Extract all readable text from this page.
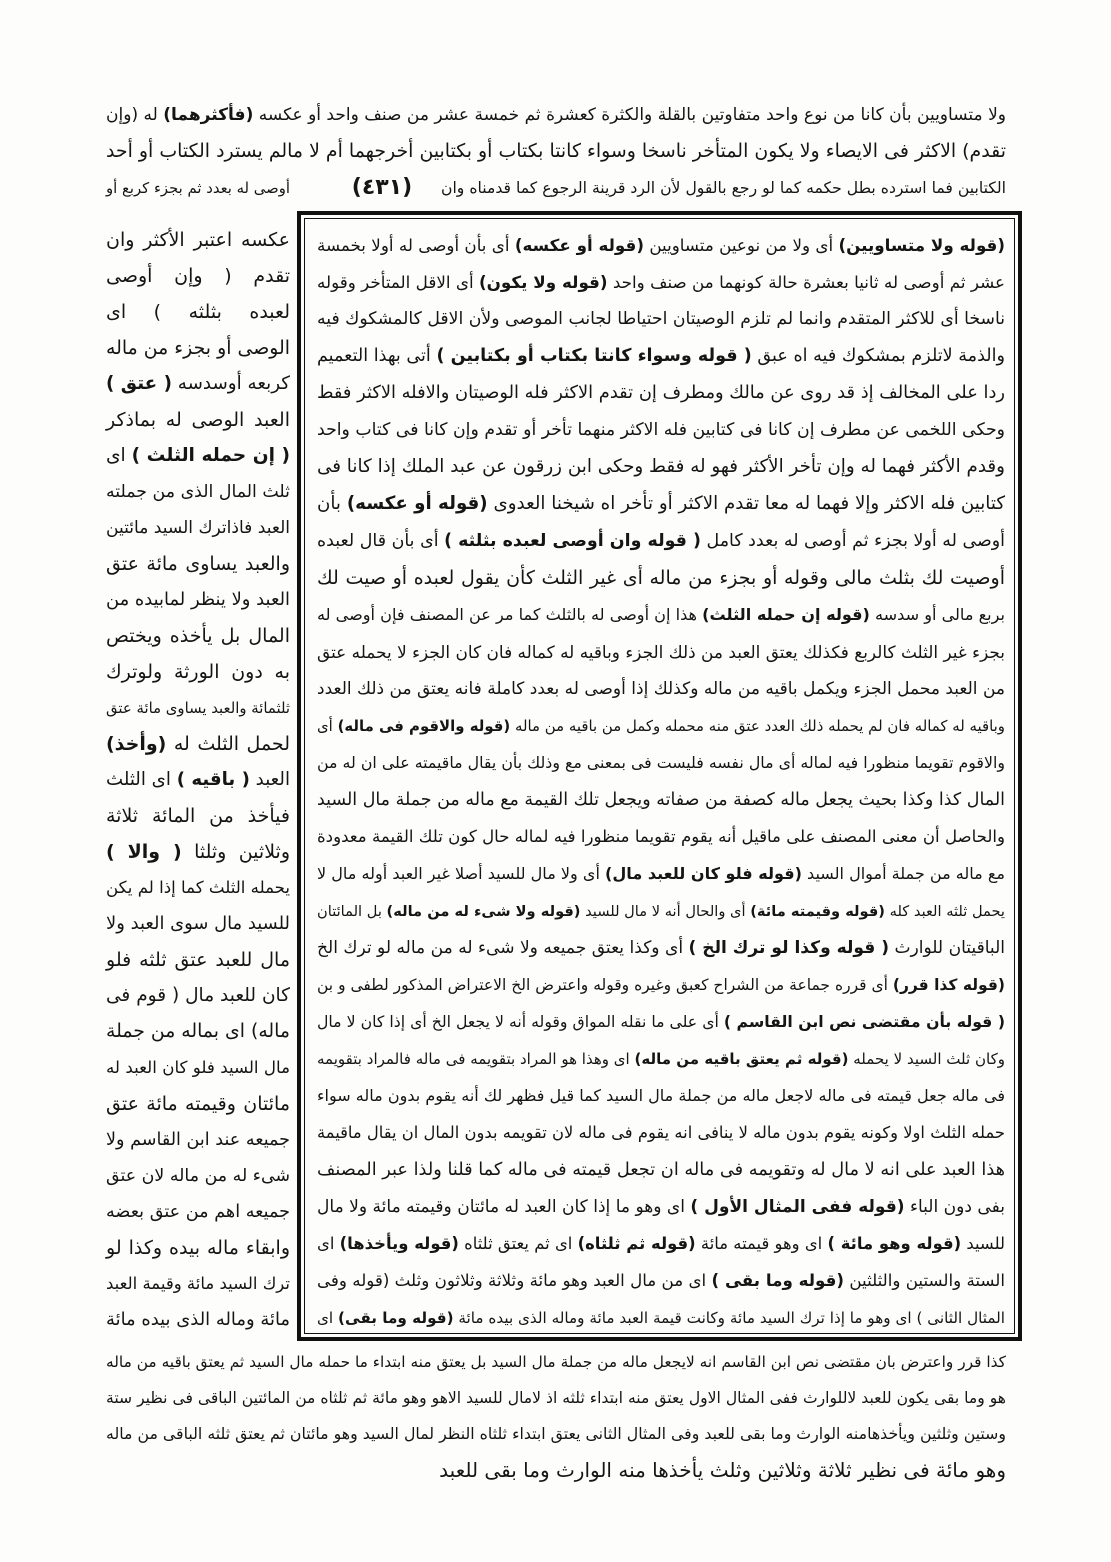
ولا متساويين بأن كانا من نوع واحد متفاوتين بالقلة والكثرة كعشرة ثم خمسة عشر من صنف واحد أو عكسه (فأكثرهما) له (وإن
تقدم) الاكثر فى الايصاء ولا يكون المتأخر ناسخا وسواء كانتا بكتاب أو بكتابين أخرجهما أم لا مالم يسترد الكتاب أو أحد
الكتابين فما استرده بطل حكمه كما لو رجع بالقول لأن الرد قرينة الرجوع كما قدمناه وان
(٤٣١)
أوصى له بعدد ثم بجزء كربع أو
عكسه اعتبر الأكثر وان
تقدم ( وإن أوصى
لعبده بثلثه ) اى
الوصى أو بجزء من ماله
كربعه أوسدسه ( عتق )
العبد الوصى له بماذكر
( إن حمله الثلث ) اى
ثلث المال الذى من جملته
العبد فاذاترك السيد مائتين
والعبد يساوى مائة عتق
العبد ولا ينظر لمابيده من
المال بل يأخذه ويختص
به دون الورثة ولوترك
ثلثمائة والعبد يساوى مائة عتق
لحمل الثلث له (وأخذ)
العبد ( باقيه ) اى الثلث
فيأخذ من المائة ثلاثة
وثلاثين وثلثا ( والا )
يحمله الثلث كما إذا لم يكن
للسيد مال سوى العبد ولا
مال للعبد عتق ثلثه فلو
كان للعبد مال ( قوم فى
ماله) اى بماله من جملة
مال السيد فلو كان العبد له
مائتان وقيمته مائة عتق
جميعه عند ابن القاسم ولا
شىء له من ماله لان عتق
جميعه اهم من عتق بعضه
وابقاء ماله بيده وكذا لو
ترك السيد مائة وقيمة العبد
مائة وماله الذى بيده مائة
(قوله ولا متساويين) أى ولا من نوعين متساويين (قوله أو عكسه) أى بأن أوصى له أولا بخمسة
عشر ثم أوصى له ثانيا بعشرة حالة كونهما من صنف واحد (قوله ولا يكون) أى الاقل المتأخر وقوله
ناسخا أى للاكثر المتقدم وانما لم تلزم الوصيتان احتياطا لجانب الموصى ولأن الاقل كالمشكوك فيه
والذمة لاتلزم بمشكوك فيه اه عبق ( قوله وسواء كانتا بكتاب أو بكتابين ) أتى بهذا التعميم
ردا على المخالف إذ قد روى عن مالك ومطرف إن تقدم الاكثر فله الوصيتان والافله الاكثر فقط
وحكى اللخمى عن مطرف إن كانا فى كتابين فله الاكثر منهما تأخر أو تقدم وإن كانا فى كتاب واحد
وقدم الأكثر فهما له وإن تأخر الأكثر فهو له فقط وحكى ابن زرقون عن عبد الملك إذا كانا فى
كتابين فله الاكثر وإلا فهما له معا تقدم الاكثر أو تأخر اه شيخنا العدوى (قوله أو عكسه) بأن
أوصى له أولا بجزء ثم أوصى له بعدد كامل ( قوله وان أوصى لعبده بثلثه ) أى بأن قال لعبده
أوصيت لك بثلث مالى وقوله أو بجزء من ماله أى غير الثلث كأن يقول لعبده أو صيت لك
بربع مالى أو سدسه (قوله إن حمله الثلث) هذا إن أوصى له بالثلث كما مر عن المصنف فإن أوصى له
بجزء غير الثلث كالربع فكذلك يعتق العبد من ذلك الجزء وباقيه له كماله فان كان الجزء لا يحمله عتق
من العبد محمل الجزء ويكمل باقيه من ماله وكذلك إذا أوصى له بعدد كاملة فانه يعتق من ذلك العدد
وباقيه له كماله فان لم يحمله ذلك العدد عتق منه محمله وكمل من باقيه من ماله (قوله والاقوم فى ماله) أى
والاقوم تقويما منظورا فيه لماله أى مال نفسه فليست فى بمعنى مع وذلك بأن يقال ماقيمته على ان له من
المال كذا وكذا بحيث يجعل ماله كصفة من صفاته ويجعل تلك القيمة مع ماله من جملة مال السيد
والحاصل أن معنى المصنف على ماقيل أنه يقوم تقويما منظورا فيه لماله حال كون تلك القيمة معدودة
مع ماله من جملة أموال السيد (قوله فلو كان للعبد مال) أى ولا مال للسيد أصلا غير العبد أوله مال لا
يحمل ثلثه العبد كله (قوله وقيمته مائة) أى والحال أنه لا مال للسيد (قوله ولا شىء له من ماله) بل المائتان
الباقيتان للوارث ( قوله وكذا لو ترك الخ ) أى وكذا يعتق جميعه ولا شىء له من ماله لو ترك الخ
(قوله كذا قرر) أى قرره جماعة من الشراح كعبق وغيره وقوله واعترض الخ الاعتراض المذكور لطفى و بن
( قوله بأن مقتضى نص ابن القاسم ) أى على ما نقله المواق وقوله أنه لا يجعل الخ أى إذا كان لا مال
وكان ثلث السيد لا يحمله (قوله ثم يعتق باقيه من ماله) اى وهذا هو المراد بتقويمه فى ماله فالمراد بتقويمه
فى ماله جعل قيمته فى ماله لاجعل ماله من جملة مال السيد كما قيل فظهر لك أنه يقوم بدون ماله سواء
حمله الثلث اولا وكونه يقوم بدون ماله لا ينافى انه يقوم فى ماله لان تقويمه بدون المال ان يقال ماقيمة
هذا العبد على انه لا مال له وتقويمه فى ماله ان تجعل قيمته فى ماله كما قلنا ولذا عبر المصنف
بفى دون الباء (قوله ففى المثال الأول ) اى وهو ما إذا كان العبد له مائتان وقيمته مائة ولا مال
للسيد (قوله وهو مائة ) اى وهو قيمته مائة (قوله ثم ثلثاه) اى ثم يعتق ثلثاه (قوله ويأخذها) اى
الستة والستين والثلثين (قوله وما بقى ) اى من مال العبد وهو مائة وثلاثة وثلاثون وثلث (قوله وفى
المثال الثانى ) اى وهو ما إذا ترك السيد مائة وكانت قيمة العبد مائة وماله الذى بيده مائة (قوله وما بقى) اى
كذا قرر واعترض بان مقتضى نص ابن القاسم انه لايجعل ماله من جملة مال السيد بل يعتق منه ابتداء ما حمله مال السيد ثم يعتق باقيه من ماله
هو وما بقى يكون للعبد لاللوارث ففى المثال الاول يعتق منه ابتداء ثلثه اذ لامال للسيد الاهو وهو مائة ثم ثلثاه من المائتين الباقى فى نظير ستة
وستين وثلثين ويأخذهامنه الوارث وما بقى للعبد وفى المثال الثانى يعتق ابتداء ثلثاه النظر لمال السيد وهو مائتان ثم يعتق ثلثه الباقى من ماله
وهو مائة فى نظير ثلاثة وثلاثين وثلث يأخذها منه الوارث وما بقى للعبد
